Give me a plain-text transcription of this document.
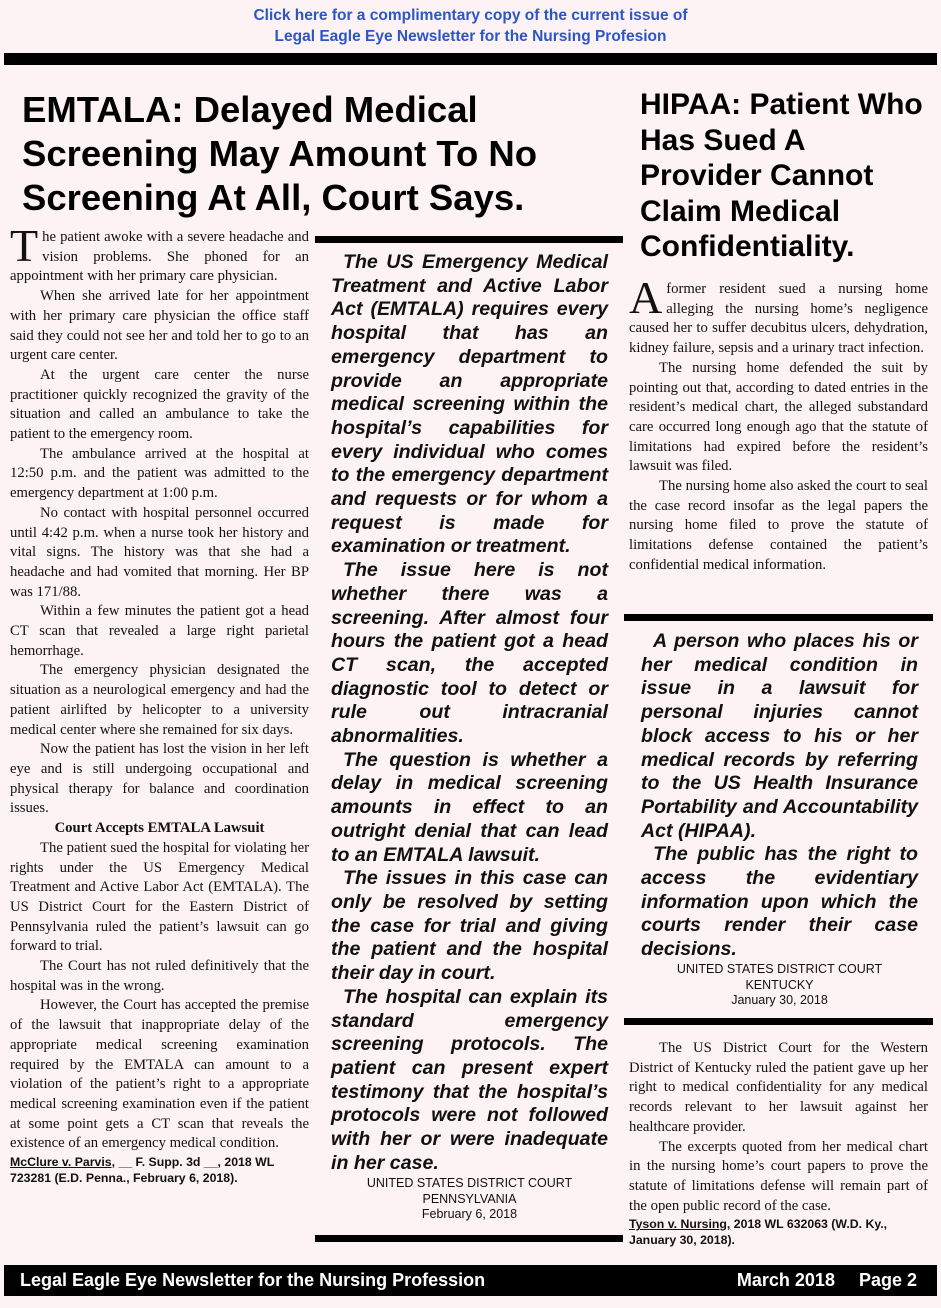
Click here for a complimentary copy of the current issue of
Legal Eagle Eye Newsletter for the Nursing Profesion
EMTALA: Delayed Medical Screening May Amount To No Screening At All, Court Says.
HIPAA: Patient Who Has Sued A Provider Cannot Claim Medical Confidentiality.

The patient awoke with a severe headache and vision problems. She phoned for an appointment with her primary care physician.

When she arrived late for her appointment with her primary care physician the office staff said they could not see her and told her to go to an urgent care center.

At the urgent care center the nurse practitioner quickly recognized the gravity of the situation and called an ambulance to take the patient to the emergency room.

The ambulance arrived at the hospital at 12:50 p.m. and the patient was admitted to the emergency department at 1:00 p.m.

No contact with hospital personnel occurred until 4:42 p.m. when a nurse took her history and vital signs. The history was that she had a headache and had vomited that morning. Her BP was 171/88.

Within a few minutes the patient got a head CT scan that revealed a large right parietal hemorrhage.

The emergency physician designated the situation as a neurological emergency and had the patient airlifted by helicopter to a university medical center where she remained for six days.

Now the patient has lost the vision in her left eye and is still undergoing occupational and physical therapy for balance and coordination issues.

Court Accepts EMTALA Lawsuit

The patient sued the hospital for violating her rights under the US Emergency Medical Treatment and Active Labor Act (EMTALA). The US District Court for the Eastern District of Pennsylvania ruled the patient’s lawsuit can go forward to trial.

The Court has not ruled definitively that the hospital was in the wrong.

However, the Court has accepted the premise of the lawsuit that inappropriate delay of the appropriate medical screening examination required by the EMTALA can amount to a violation of the patient’s right to a appropriate medical screening examination even if the patient at some point gets a CT scan that reveals the existence of an emergency medical condition.

McClure v. Parvis, __ F. Supp. 3d __, 2018 WL 723281 (E.D. Penna., February 6, 2018).

The US Emergency Medical Treatment and Active Labor Act (EMTALA) requires every hospital that has an emergency department to provide an appropriate medical screening within the hospital’s capabilities for every individual who comes to the emergency department and requests or for whom a request is made for examination or treatment.

The issue here is not whether there was a screening. After almost four hours the patient got a head CT scan, the accepted diagnostic tool to detect or rule out intracranial abnormalities.

The question is whether a delay in medical screening amounts in effect to an outright denial that can lead to an EMTALA lawsuit.

The issues in this case can only be resolved by setting the case for trial and giving the patient and the hospital their day in court.

The hospital can explain its standard emergency screening protocols. The patient can present expert testimony that the hospital’s protocols were not followed with her or were inadequate in her case.

UNITED STATES DISTRICT COURT
PENNSYLVANIA
February 6, 2018

A former resident sued a nursing home alleging the nursing home’s negligence caused her to suffer decubitus ulcers, dehydration, kidney failure, sepsis and a urinary tract infection.

The nursing home defended the suit by pointing out that, according to dated entries in the resident’s medical chart, the alleged substandard care occurred long enough ago that the statute of limitations had expired before the resident’s lawsuit was filed.

The nursing home also asked the court to seal the case record insofar as the legal papers the nursing home filed to prove the statute of limitations defense contained the patient’s confidential medical information.

A person who places his or her medical condition in issue in a lawsuit for personal injuries cannot block access to his or her medical records by referring to the US Health Insurance Portability and Accountability Act (HIPAA).

The public has the right to access the evidentiary information upon which the courts render their case decisions.

UNITED STATES DISTRICT COURT
KENTUCKY
January 30, 2018

The US District Court for the Western District of Kentucky ruled the patient gave up her right to medical confidentiality for any medical records relevant to her lawsuit against her healthcare provider.

The excerpts quoted from her medical chart in the nursing home’s court papers to prove the statute of limitations defense will remain part of the open public record of the case.

Tyson v. Nursing, 2018 WL 632063 (W.D. Ky., January 30, 2018).
Legal Eagle Eye Newsletter for the Nursing Profession	March 2018 Page 2
